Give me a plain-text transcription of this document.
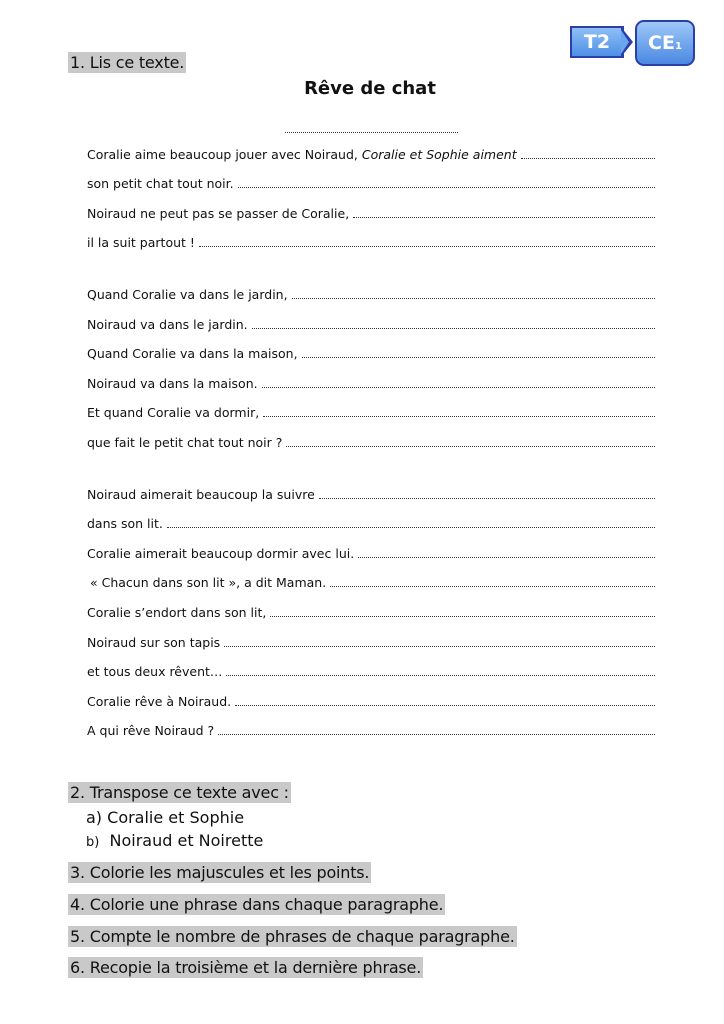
T2 CE 1
1. Lis ce texte.
Rêve de chat
Coralie aime beaucoup jouer avec Noiraud, Coralie et Sophie aiment
son petit chat tout noir.
Noiraud ne peut pas se passer de Coralie,
il la suit partout !
Quand Coralie va dans le jardin,
Noiraud va dans le jardin.
Quand Coralie va dans la maison,
Noiraud va dans la maison.
Et quand Coralie va dormir,
que fait le petit chat tout noir ?
Noiraud aimerait beaucoup la suivre
dans son lit.
Coralie aimerait beaucoup dormir avec lui.
« Chacun dans son lit », a dit Maman.
Coralie s’endort dans son lit,
Noiraud sur son tapis
et tous deux rêvent…
Coralie rêve à Noiraud.
A qui rêve Noiraud ?
2. Transpose ce texte avec :
a) Coralie et Sophie
b) Noiraud et Noirette
3. Colorie les majuscules et les points.
4. Colorie une phrase dans chaque paragraphe.
5. Compte le nombre de phrases de chaque paragraphe.
6. Recopie la troisième et la dernière phrase.
